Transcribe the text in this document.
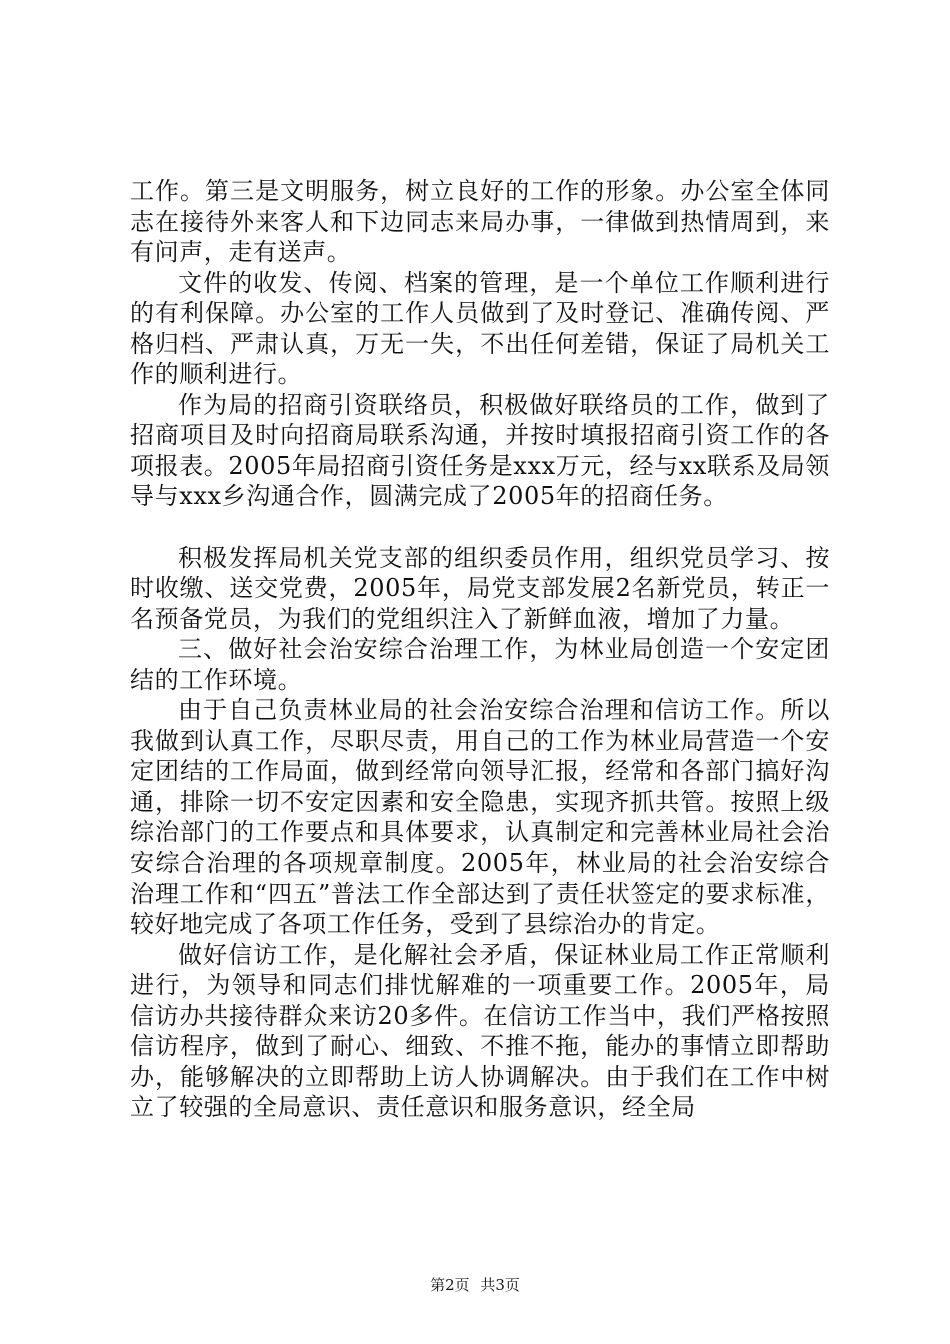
工作。第三是文明服务，树立良好的工作的形象。办公室全体同志在接待外来客人和下边同志来局办事，一律做到热情周到，来有问声，走有送声。

文件的收发、传阅、档案的管理，是一个单位工作顺利进行的有利保障。办公室的工作人员做到了及时登记、准确传阅、严格归档、严肃认真，万无一失，不出任何差错，保证了局机关工作的顺利进行。

作为局的招商引资联络员，积极做好联络员的工作，做到了招商项目及时向招商局联系沟通，并按时填报招商引资工作的各项报表。2005年局招商引资任务是xxx万元，经与xx联系及局领导与xxx乡沟通合作，圆满完成了2005年的招商任务。

积极发挥局机关党支部的组织委员作用，组织党员学习、按时收缴、送交党费，2005年，局党支部发展2名新党员，转正一名预备党员，为我们的党组织注入了新鲜血液，增加了力量。

三、做好社会治安综合治理工作，为林业局创造一个安定团结的工作环境。

由于自己负责林业局的社会治安综合治理和信访工作。所以我做到认真工作，尽职尽责，用自己的工作为林业局营造一个安定团结的工作局面，做到经常向领导汇报，经常和各部门搞好沟通，排除一切不安定因素和安全隐患，实现齐抓共管。按照上级综治部门的工作要点和具体要求，认真制定和完善林业局社会治安综合治理的各项规章制度。2005年，林业局的社会治安综合治理工作和“四五”普法工作全部达到了责任状签定的要求标准，较好地完成了各项工作任务，受到了县综治办的肯定。

做好信访工作，是化解社会矛盾，保证林业局工作正常顺利进行，为领导和同志们排忧解难的一项重要工作。2005年，局信访办共接待群众来访20多件。在信访工作当中，我们严格按照信访程序，做到了耐心、细致、不推不拖，能办的事情立即帮助办，能够解决的立即帮助上访人协调解决。由于我们在工作中树立了较强的全局意识、责任意识和服务意识，经全局

第2页 共3页
